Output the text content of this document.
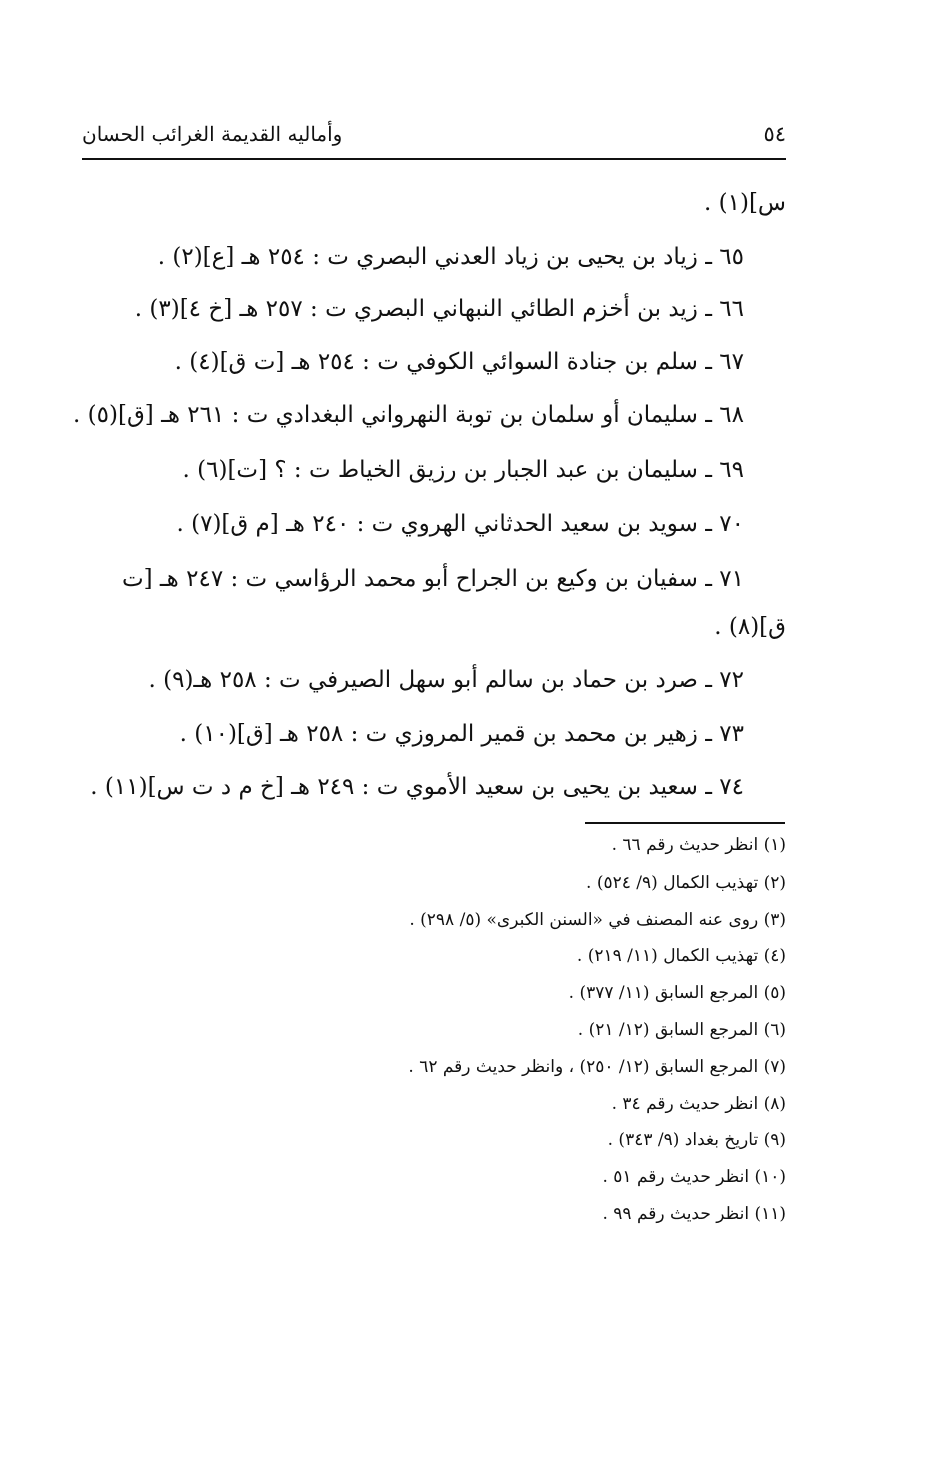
٥٤
وأماليه القديمة الغرائب الحسان
س](١) .
٦٥ ـ زياد بن يحيى بن زياد العدني البصري ت : ٢٥٤ هـ [ع](٢) .
٦٦ ـ زيد بن أخزم الطائي النبهاني البصري ت : ٢٥٧ هـ [خ ٤](٣) .
٦٧ ـ سلم بن جنادة السوائي الكوفي ت : ٢٥٤ هـ [ت ق](٤) .
٦٨ ـ سليمان أو سلمان بن توبة النهرواني البغدادي ت : ٢٦١ هـ [ق](٥) .
٦٩ ـ سليمان بن عبد الجبار بن رزيق الخياط ت : ؟ [ت](٦) .
٧٠ ـ سويد بن سعيد الحدثاني الهروي ت : ٢٤٠ هـ [م ق](٧) .
٧١ ـ سفيان بن وكيع بن الجراح أبو محمد الرؤاسي ت : ٢٤٧ هـ [ت
ق](٨) .
٧٢ ـ صرد بن حماد بن سالم أبو سهل الصيرفي ت : ٢٥٨ هـ(٩) .
٧٣ ـ زهير بن محمد بن قمير المروزي ت : ٢٥٨ هـ [ق](١٠) .
٧٤ ـ سعيد بن يحيى بن سعيد الأموي ت : ٢٤٩ هـ [خ م د ت س](١١) .
(١) انظر حديث رقم ٦٦ .
(٢) تهذيب الكمال (٩/ ٥٢٤) .
(٣) روى عنه المصنف في «السنن الكبرى» (٥/ ٢٩٨) .
(٤) تهذيب الكمال (١١/ ٢١٩) .
(٥) المرجع السابق (١١/ ٣٧٧) .
(٦) المرجع السابق (١٢/ ٢١) .
(٧) المرجع السابق (١٢/ ٢٥٠) ، وانظر حديث رقم ٦٢ .
(٨) انظر حديث رقم ٣٤ .
(٩) تاريخ بغداد (٩/ ٣٤٣) .
(١٠) انظر حديث رقم ٥١ .
(١١) انظر حديث رقم ٩٩ .
